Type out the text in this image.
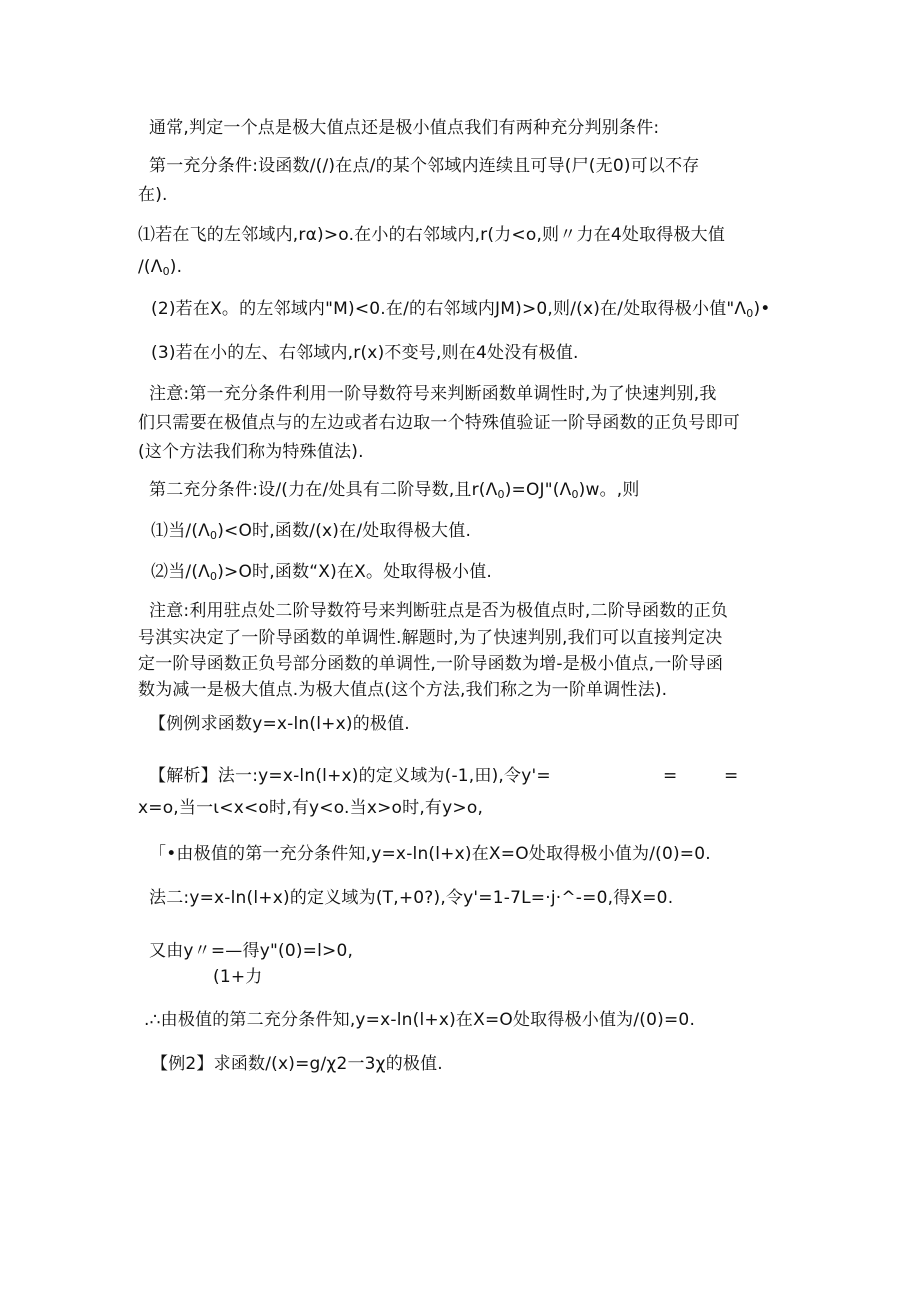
通常,判定一个点是极大值点还是极小值点我们有两种充分判别条件:
第一充分条件:设函数/(/)在点/的某个邻域内连续且可导(尸(无0)可以不存
在).
⑴若在飞的左邻域内,rα)>o.在小的右邻域内,r(力<o,则〃力在4处取得极大值
$/(\Lambda_0)$.
(2)若在X。的左邻域内"M)<0.在/的右邻域内JM)>0,则/(x)在/处取得极小值"$\Lambda_0)•$
(3)若在小的左、右邻域内,r(x)不变号,则在4处没有极值.
注意:第一充分条件利用一阶导数符号来判断函数单调性时,为了快速判别,我
们只需要在极值点与的左边或者右边取一个特殊值验证一阶导函数的正负号即可
(这个方法我们称为特殊值法).
第二充分条件:设/(力在/处具有二阶导数,且$r(\Lambda_0)=OJ"(\Lambda_0)w$。,则
⑴当$/(\Lambda_0)<O$时,函数/(x)在/处取得极大值.
⑵当$/(\Lambda_0)>O$时,函数“X)在X。处取得极小值.
注意:利用驻点处二阶导数符号来判断驻点是否为极值点时,二阶导函数的正负
号淇实决定了一阶导函数的单调性.解题时,为了快速判别,我们可以直接判定决
定一阶导函数正负号部分函数的单调性,一阶导函数为增-是极小值点,一阶导函
数为减一是极大值点.为极大值点(这个方法,我们称之为一阶单调性法).
【例例求函数y=x-ln(l+x)的极值.
【解析】法一:y=x-ln(l+x)的定义域为(-1,田),令y'=	=	=
x=o,当一ι<x<o时,有y<o.当x>o时,有y>o,
「•由极值的第一充分条件知,y=x-ln(l+x)在X=O处取得极小值为/(0)=0.
法二:y=x-ln(l+x)的定义域为(T,+0?),令y'=1-7L=·j·^-=0,得X=0.
又由y〃=—得y"(0)=l>0,
(1+力
.∴由极值的第二充分条件知,y=x-ln(l+x)在X=O处取得极小值为/(0)=0.
【例2】求函数/(x)=g∕χ2一3χ的极值.
